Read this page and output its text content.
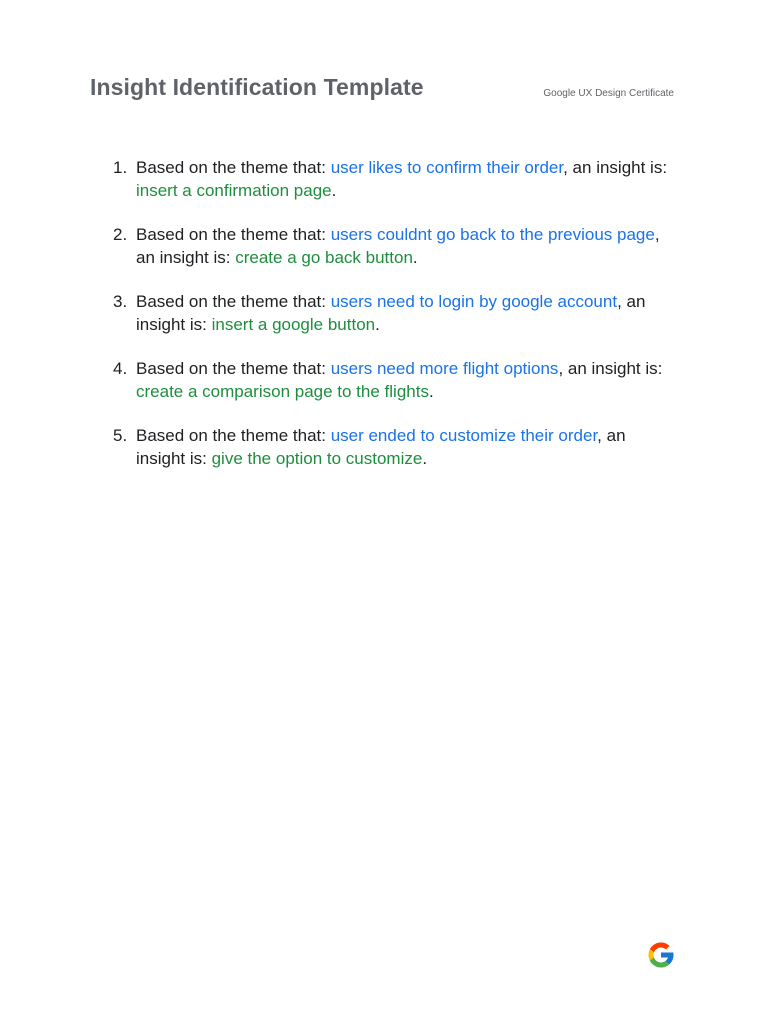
Insight Identification Template	Google UX Design Certificate
1. Based on the theme that: user likes to confirm their order, an insight is: insert a confirmation page.
2. Based on the theme that: users couldnt go back to the previous page, an insight is: create a go back button.
3. Based on the theme that: users need to login by google account, an insight is: insert a google button.
4. Based on the theme that: users need more flight options, an insight is: create a comparison page to the flights.
5. Based on the theme that: user ended to customize their order, an insight is: give the option to customize.
